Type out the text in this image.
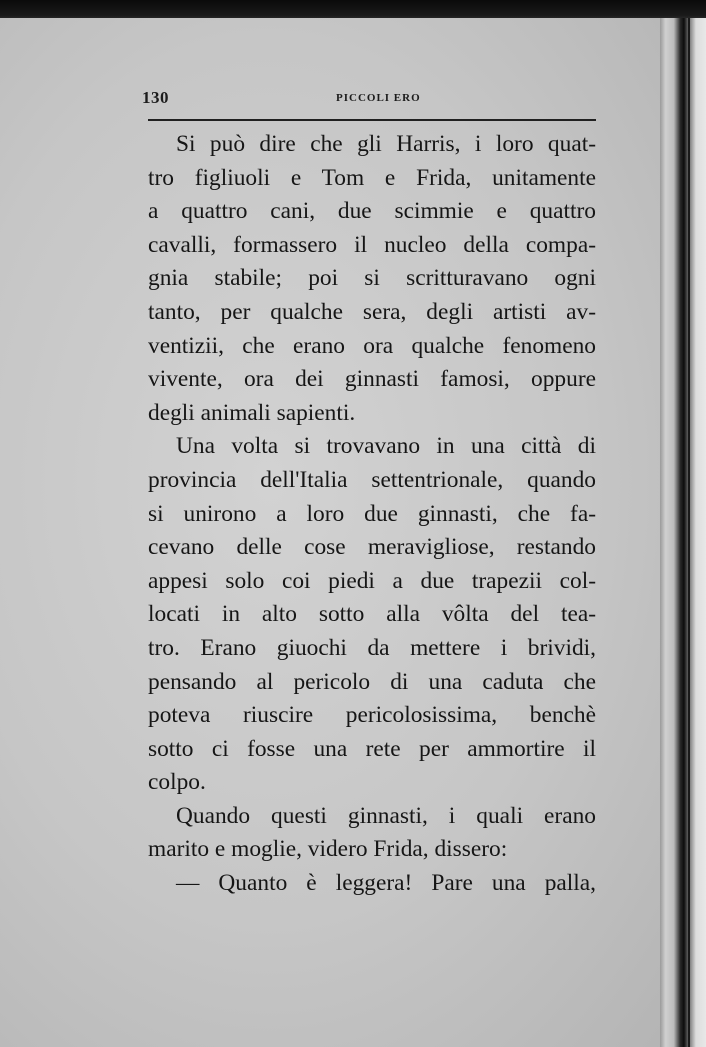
130	PICCOLI ERO
Si può dire che gli Harris, i loro quat-
tro figliuoli e Tom e Frida, unitamente
a quattro cani, due scimmie e quattro
cavalli, formassero il nucleo della compa-
gnia stabile; poi si scritturavano ogni
tanto, per qualche sera, degli artisti av-
ventizii, che erano ora qualche fenomeno
vivente, ora dei ginnasti famosi, oppure
degli animali sapienti.
Una volta si trovavano in una città di
provincia dell'Italia settentrionale, quando
si unirono a loro due ginnasti, che fa-
cevano delle cose meravigliose, restando
appesi solo coi piedi a due trapezii col-
locati in alto sotto alla vôlta del tea-
tro. Erano giuochi da mettere i brividi,
pensando al pericolo di una caduta che
poteva riuscire pericolosissima, benchè
sotto ci fosse una rete per ammortire il
colpo.
Quando questi ginnasti, i quali erano
marito e moglie, videro Frida, dissero:
— Quanto è leggera! Pare una palla,
